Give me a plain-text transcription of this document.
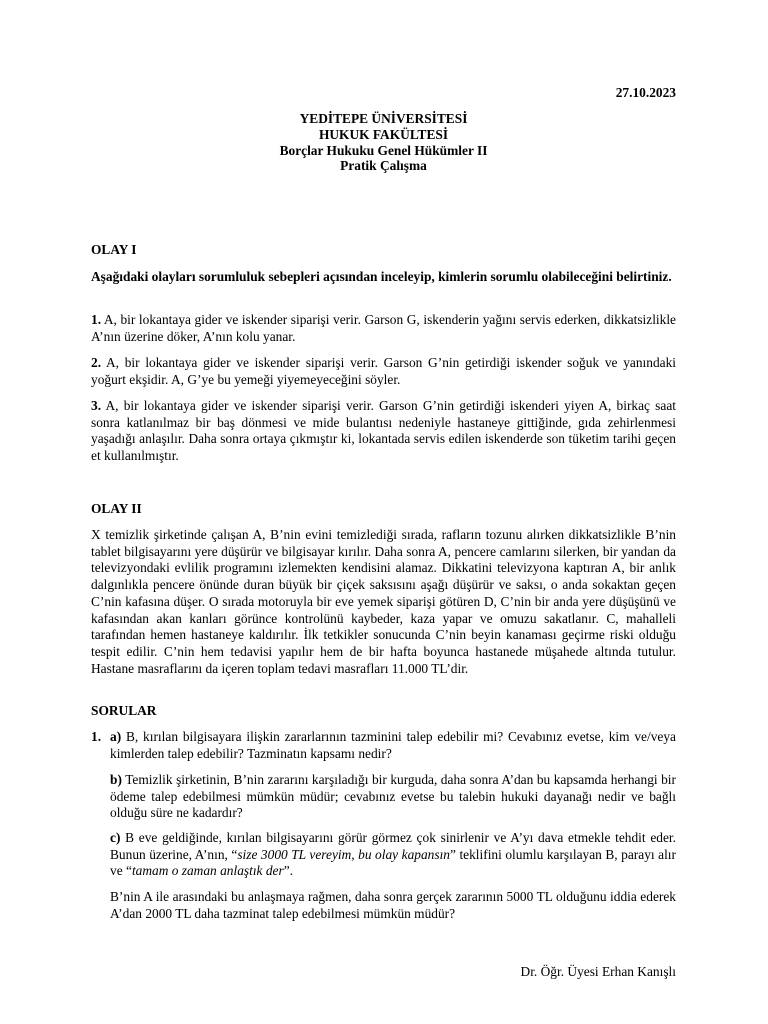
27.10.2023

YEDİTEPE ÜNİVERSİTESİ
HUKUK FAKÜLTESİ
Borçlar Hukuku Genel Hükümler II
Pratik Çalışma

OLAY I

Aşağıdaki olayları sorumluluk sebepleri açısından inceleyip, kimlerin sorumlu olabileceğini belirtiniz.

1. A, bir lokantaya gider ve iskender siparişi verir. Garson G, iskenderin yağını servis ederken, dikkatsizlikle A’nın üzerine döker, A’nın kolu yanar.

2. A, bir lokantaya gider ve iskender siparişi verir. Garson G’nin getirdiği iskender soğuk ve yanındaki yoğurt ekşidir. A, G’ye bu yemeği yiyemeyeceğini söyler.

3. A, bir lokantaya gider ve iskender siparişi verir. Garson G’nin getirdiği iskenderi yiyen A, birkaç saat sonra katlanılmaz bir baş dönmesi ve mide bulantısı nedeniyle hastaneye gittiğinde, gıda zehirlenmesi yaşadığı anlaşılır. Daha sonra ortaya çıkmıştır ki, lokantada servis edilen iskenderde son tüketim tarihi geçen et kullanılmıştır.

OLAY II

X temizlik şirketinde çalışan A, B’nin evini temizlediği sırada, rafların tozunu alırken dikkatsizlikle B’nin tablet bilgisayarını yere düşürür ve bilgisayar kırılır. Daha sonra A, pencere camlarını silerken, bir yandan da televizyondaki evlilik programını izlemekten kendisini alamaz. Dikkatini televizyona kaptıran A, bir anlık dalgınlıkla pencere önünde duran büyük bir çiçek saksısını aşağı düşürür ve saksı, o anda sokaktan geçen C’nin kafasına düşer. O sırada motoruyla bir eve yemek siparişi götüren D, C’nin bir anda yere düşüşünü ve kafasından akan kanları görünce kontrolünü kaybeder, kaza yapar ve omuzu sakatlanır. C, mahalleli tarafından hemen hastaneye kaldırılır. İlk tetkikler sonucunda C’nin beyin kanaması geçirme riski olduğu tespit edilir. C’nin hem tedavisi yapılır hem de bir hafta boyunca hastanede müşahede altında tutulur. Hastane masraflarını da içeren toplam tedavi masrafları 11.000 TL’dir.

SORULAR

1. a) B, kırılan bilgisayara ilişkin zararlarının tazminini talep edebilir mi? Cevabınız evetse, kim ve/veya kimlerden talep edebilir? Tazminatın kapsamı nedir?

b) Temizlik şirketinin, B’nin zararını karşıladığı bir kurguda, daha sonra A’dan bu kapsamda herhangi bir ödeme talep edebilmesi mümkün müdür; cevabınız evetse bu talebin hukuki dayanağı nedir ve bağlı olduğu süre ne kadardır?

c) B eve geldiğinde, kırılan bilgisayarını görür görmez çok sinirlenir ve A’yı dava etmekle tehdit eder. Bunun üzerine, A’nın, “size 3000 TL vereyim, bu olay kapansın” teklifini olumlu karşılayan B, parayı alır ve “tamam o zaman anlaştık der”.

B’nin A ile arasındaki bu anlaşmaya rağmen, daha sonra gerçek zararının 5000 TL olduğunu iddia ederek A’dan 2000 TL daha tazminat talep edebilmesi mümkün müdür?

Dr. Öğr. Üyesi Erhan Kanışlı
